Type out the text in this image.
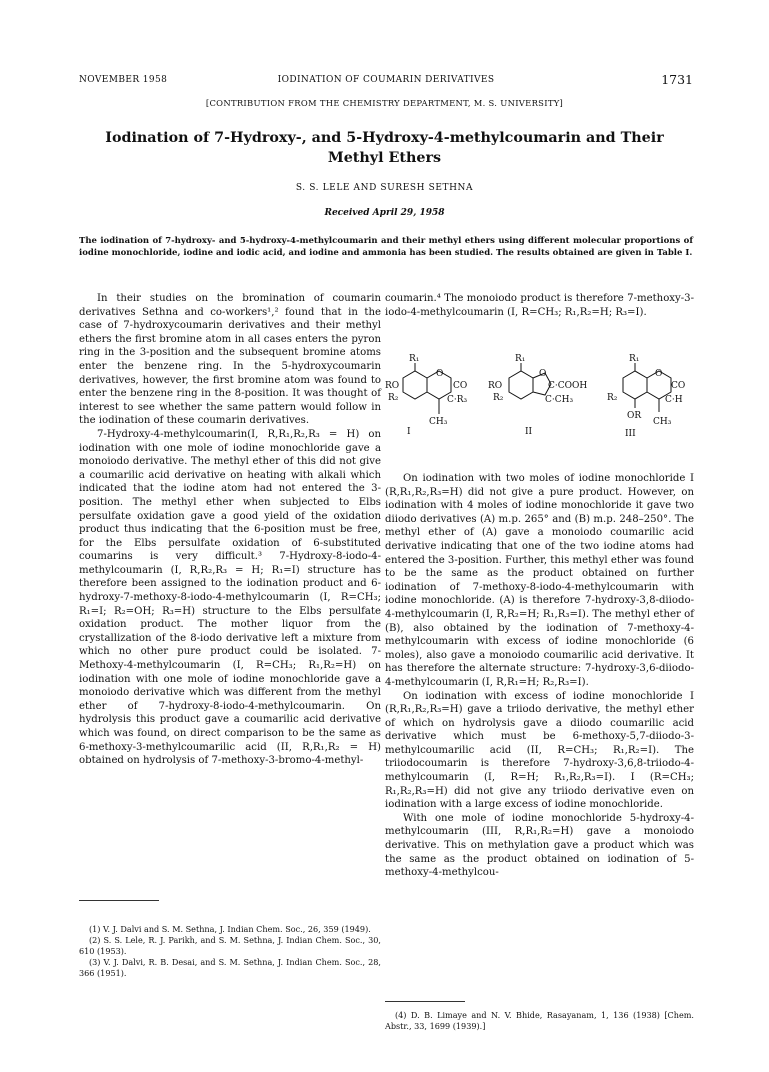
NOVEMBER 1958	IODINATION OF COUMARIN DERIVATIVES	1731
[CONTRIBUTION FROM THE CHEMISTRY DEPARTMENT, M. S. UNIVERSITY]
Iodination of 7-Hydroxy-, and 5-Hydroxy-4-methylcoumarin and Their Methyl Ethers
S. S. LELE AND SURESH SETHNA
Received April 29, 1958
The iodination of 7-hydroxy- and 5-hydroxy-4-methylcoumarin and their methyl ethers using different molecular proportions of iodine monochloride, iodine and iodic acid, and iodine and ammonia has been studied. The results obtained are given in Table I.

In their studies on the bromination of coumarin derivatives Sethna and co-workers¹,² found that in the case of 7-hydroxycoumarin derivatives and their methyl ethers the first bromine atom in all cases enters the pyron ring in the 3-position and the subsequent bromine atoms enter the benzene ring. In the 5-hydroxycoumarin derivatives, however, the first bromine atom was found to enter the benzene ring in the 8-position. It was thought of interest to see whether the same pattern would follow in the iodination of these coumarin derivatives.

7-Hydroxy-4-methylcoumarin(I, R,R₁,R₂,R₃ = H) on iodination with one mole of iodine monochloride gave a monoiodo derivative. The methyl ether of this did not give a coumarilic acid derivative on heating with alkali which indicated that the iodine atom had not entered the 3-position. The methyl ether when subjected to Elbs persulfate oxidation gave a good yield of the oxidation product thus indicating that the 6-position must be free, for the Elbs persulfate oxidation of 6-substituted coumarins is very difficult.³ 7-Hydroxy-8-iodo-4-methylcoumarin (I, R,R₂,R₃ = H; R₁=I) structure has therefore been assigned to the iodination product and 6-hydroxy-7-methoxy-8-iodo-4-methylcoumarin (I, R=CH₃; R₁=I; R₂=OH; R₃=H) structure to the Elbs persulfate oxidation product. The mother liquor from the crystallization of the 8-iodo derivative left a mixture from which no other pure product could be isolated. 7-Methoxy-4-methylcoumarin (I, R=CH₃; R₁,R₂=H) on iodination with one mole of iodine monochloride gave a monoiodo derivative which was different from the methyl ether of 7-hydroxy-8-iodo-4-methylcoumarin. On hydrolysis this product gave a coumarilic acid derivative which was found, on direct comparison to be the same as 6-methoxy-3-methylcoumarilic acid (II, R,R₁,R₂ = H) obtained on hydrolysis of 7-methoxy-3-bromo-4-methyl-

(1) V. J. Dalvi and S. M. Sethna, J. Indian Chem. Soc., 26, 359 (1949).

(2) S. S. Lele, R. J. Parikh, and S. M. Sethna, J. Indian Chem. Soc., 30, 610 (1953).

(3) V. J. Dalvi, R. B. Desai, and S. M. Sethna, J. Indian Chem. Soc., 28, 366 (1951).

coumarin.⁴ The monoiodo product is therefore 7-methoxy-3-iodo-4-methylcoumarin (I, R=CH₃; R₁,R₂=H; R₃=I).

R₁
RO
R₂
O
CO
C·R₃
CH₃
I
R₁
RO
R₂
O
C·COOH
C·CH₃
II
R₁
R₂
O
CO
C·H
OR
CH₃
III

On iodination with two moles of iodine monochloride I (R,R₁,R₂,R₃=H) did not give a pure product. However, on iodination with 4 moles of iodine monochloride it gave two diiodo derivatives (A) m.p. 265° and (B) m.p. 248–250°. The methyl ether of (A) gave a monoiodo coumarilic acid derivative indicating that one of the two iodine atoms had entered the 3-position. Further, this methyl ether was found to be the same as the product obtained on further iodination of 7-methoxy-8-iodo-4-methylcoumarin with iodine monochloride. (A) is therefore 7-hydroxy-3,8-diiodo-4-methylcoumarin (I, R,R₂=H; R₁,R₃=I). The methyl ether of (B), also obtained by the iodination of 7-methoxy-4-methylcoumarin with excess of iodine monochloride (6 moles), also gave a monoiodo coumarilic acid derivative. It has therefore the alternate structure: 7-hydroxy-3,6-diiodo-4-methylcoumarin (I, R,R₁=H; R₂,R₃=I).

On iodination with excess of iodine monochloride I (R,R₁,R₂,R₃=H) gave a triiodo derivative, the methyl ether of which on hydrolysis gave a diiodo coumarilic acid derivative which must be 6-methoxy-5,7-diiodo-3-methylcoumarilic acid (II, R=CH₃; R₁,R₂=I). The triiodocoumarin is therefore 7-hydroxy-3,6,8-triiodo-4-methylcoumarin (I, R=H; R₁,R₂,R₃=I). I (R=CH₃; R₁,R₂,R₃=H) did not give any triiodo derivative even on iodination with a large excess of iodine monochloride.

With one mole of iodine monochloride 5-hydroxy-4-methylcoumarin (III, R,R₁,R₂=H) gave a monoiodo derivative. This on methylation gave a product which was the same as the product obtained on iodination of 5-methoxy-4-methylcou-

(4) D. B. Limaye and N. V. Bhide, Rasayanam, 1, 136 (1938) [Chem. Abstr., 33, 1699 (1939).]
